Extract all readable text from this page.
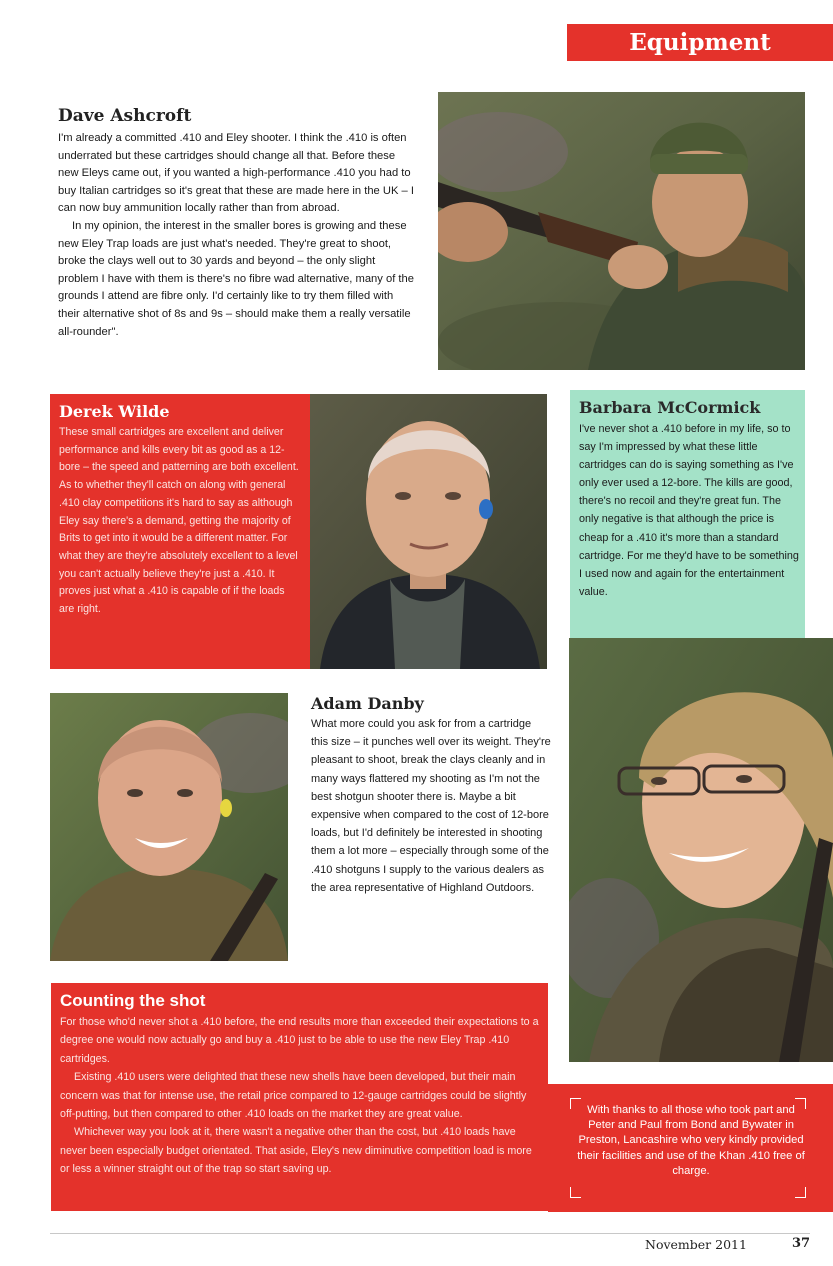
Equipment
Dave Ashcroft

I'm already a committed .410 and Eley shooter. I think the .410 is often underrated but these cartridges should change all that. Before these new Eleys came out, if you wanted a high-performance .410 you had to buy Italian cartridges so it's great that these are made here in the UK – I can now buy ammunition locally rather than from abroad.

In my opinion, the interest in the smaller bores is growing and these new Eley Trap loads are just what's needed. They're great to shoot, broke the clays well out to 30 yards and beyond – the only slight problem I have with them is there's no fibre wad alternative, many of the grounds I attend are fibre only. I'd certainly like to try them filled with their alternative shot of 8s and 9s – should make them a really versatile all-rounder".

Derek Wilde
These small cartridges are excellent and deliver performance and kills every bit as good as a 12-bore – the speed and patterning are both excellent. As to whether they'll catch on along with general .410 clay competitions it's hard to say as although Eley say there's a demand, getting the majority of Brits to get into it would be a different matter. For what they are they're absolutely excellent to a level you can't actually believe they're just a .410. It proves just what a .410 is capable of if the loads are right.
Barbara McCormick
I've never shot a .410 before in my life, so to say I'm impressed by what these little cartridges can do is saying something as I've only ever used a 12-bore. The kills are good, there's no recoil and they're great fun. The only negative is that although the price is cheap for a .410 it's more than a standard cartridge. For me they'd have to be something I used now and again for the entertainment value.
Adam Danby
What more could you ask for from a cartridge this size – it punches well over its weight. They're pleasant to shoot, break the clays cleanly and in many ways flattered my shooting as I'm not the best shotgun shooter there is. Maybe a bit expensive when compared to the cost of 12-bore loads, but I'd definitely be interested in shooting them a lot more – especially through some of the .410 shotguns I supply to the various dealers as the area representative of Highland Outdoors.
Counting the shot

For those who'd never shot a .410 before, the end results more than exceeded their expectations to a degree one would now actually go and buy a .410 just to be able to use the new Eley Trap .410 cartridges.

Existing .410 users were delighted that these new shells have been developed, but their main concern was that for intense use, the retail price compared to 12-gauge cartridges could be slightly off-putting, but then compared to other .410 loads on the market they are great value.

Whichever way you look at it, there wasn't a negative other than the cost, but .410 loads have never been especially budget orientated. That aside, Eley's new diminutive competition load is more or less a winner straight out of the trap so start saving up.

With thanks to all those who took part and Peter and Paul from Bond and Bywater in Preston, Lancashire who very kindly provided their facilities and use of the Khan .410 free of charge.
November 2011	37
